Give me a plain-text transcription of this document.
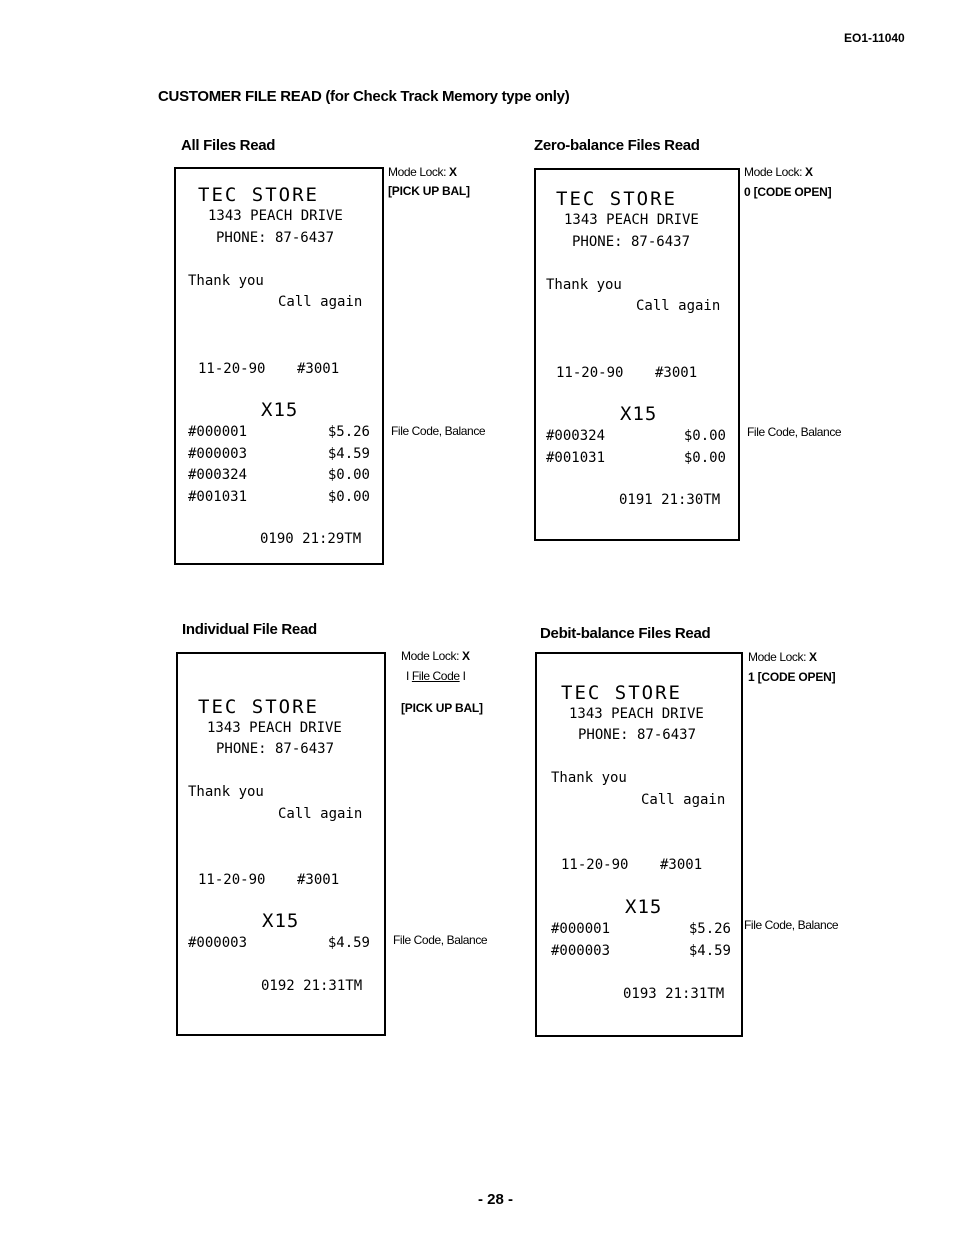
EO1-11040
CUSTOMER FILE READ (for Check Track Memory type only)
All Files Read
TEC STORE
1343 PEACH DRIVE
PHONE: 87-6437
Thank you
Call again
11-20-90 #3001
X15
#000001	$5.26
#000003	$4.59
#000324	$0.00
#001031	$0.00
0190 21:29TM
Mode Lock: X
[PICK UP BAL]
File Code, Balance
Zero-balance Files Read
TEC STORE
1343 PEACH DRIVE
PHONE: 87-6437
Thank you
Call again
11-20-90 #3001
X15
#000324	$0.00
#001031	$0.00
0191 21:30TM
Mode Lock: X
0 [CODE OPEN]
File Code, Balance
Individual File Read
TEC STORE
1343 PEACH DRIVE
PHONE: 87-6437
Thank you
Call again
11-20-90 #3001
X15
#000003	$4.59
0192 21:31TM
Mode Lock: X
I File Code I
[PICK UP BAL]
File Code, Balance
Debit-balance Files Read
TEC STORE
1343 PEACH DRIVE
PHONE: 87-6437
Thank you
Call again
11-20-90 #3001
X15
#000001	$5.26
#000003	$4.59
0193 21:31TM
Mode Lock: X
1 [CODE OPEN]
File Code, Balance
- 28 -
